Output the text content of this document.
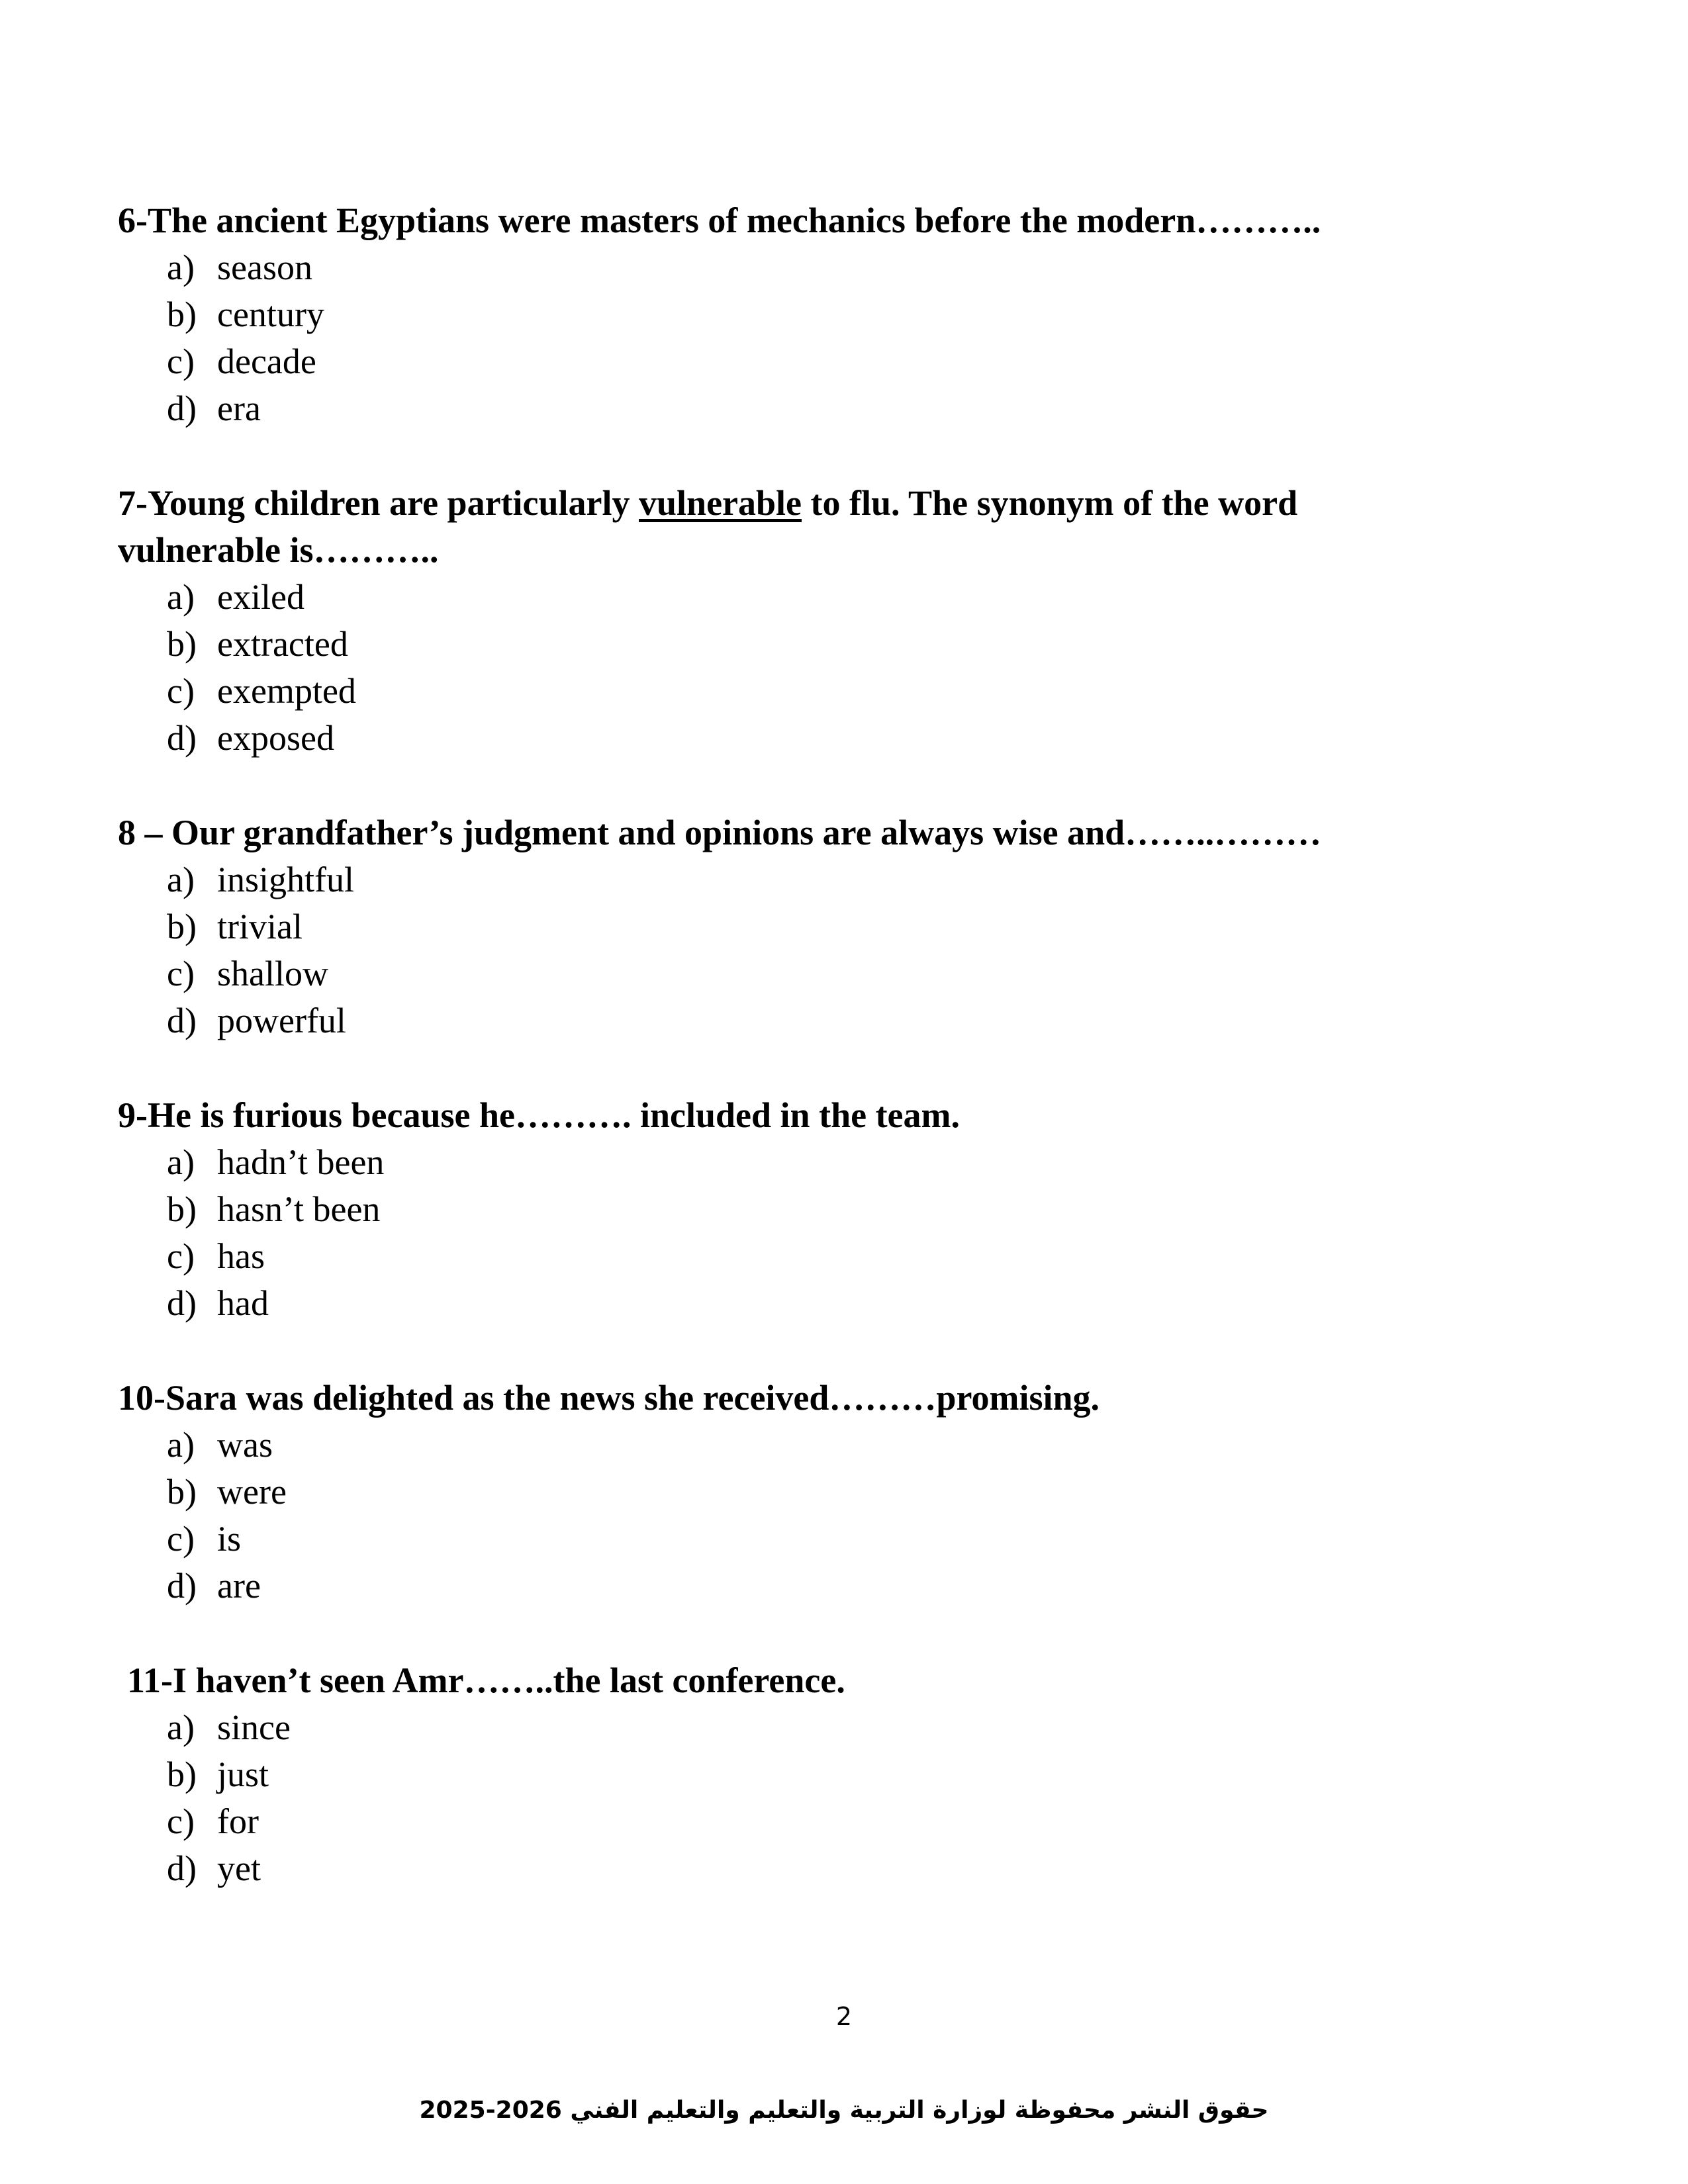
6-The ancient Egyptians were masters of mechanics before the modern………..

a) season
b) century
c) decade
d) era

7-Young children are particularly vulnerable to flu. The synonym of the word vulnerable is………..

a) exiled
b) extracted
c) exempted
d) exposed

8 – Our grandfather’s judgment and opinions are always wise and……..………

a) insightful
b) trivial
c) shallow
d) powerful

9-He is furious because he………. included in the team.

a) hadn’t been
b) hasn’t been
c) has
d) had

10-Sara was delighted as the news she received………promising.

a) was
b) were
c) is
d) are

11-I haven’t seen Amr……..the last conference.

a) since
b) just
c) for
d) yet
2
حقوق النشر محفوظة لوزارة التربية والتعليم والتعليم الفني 2026-2025
